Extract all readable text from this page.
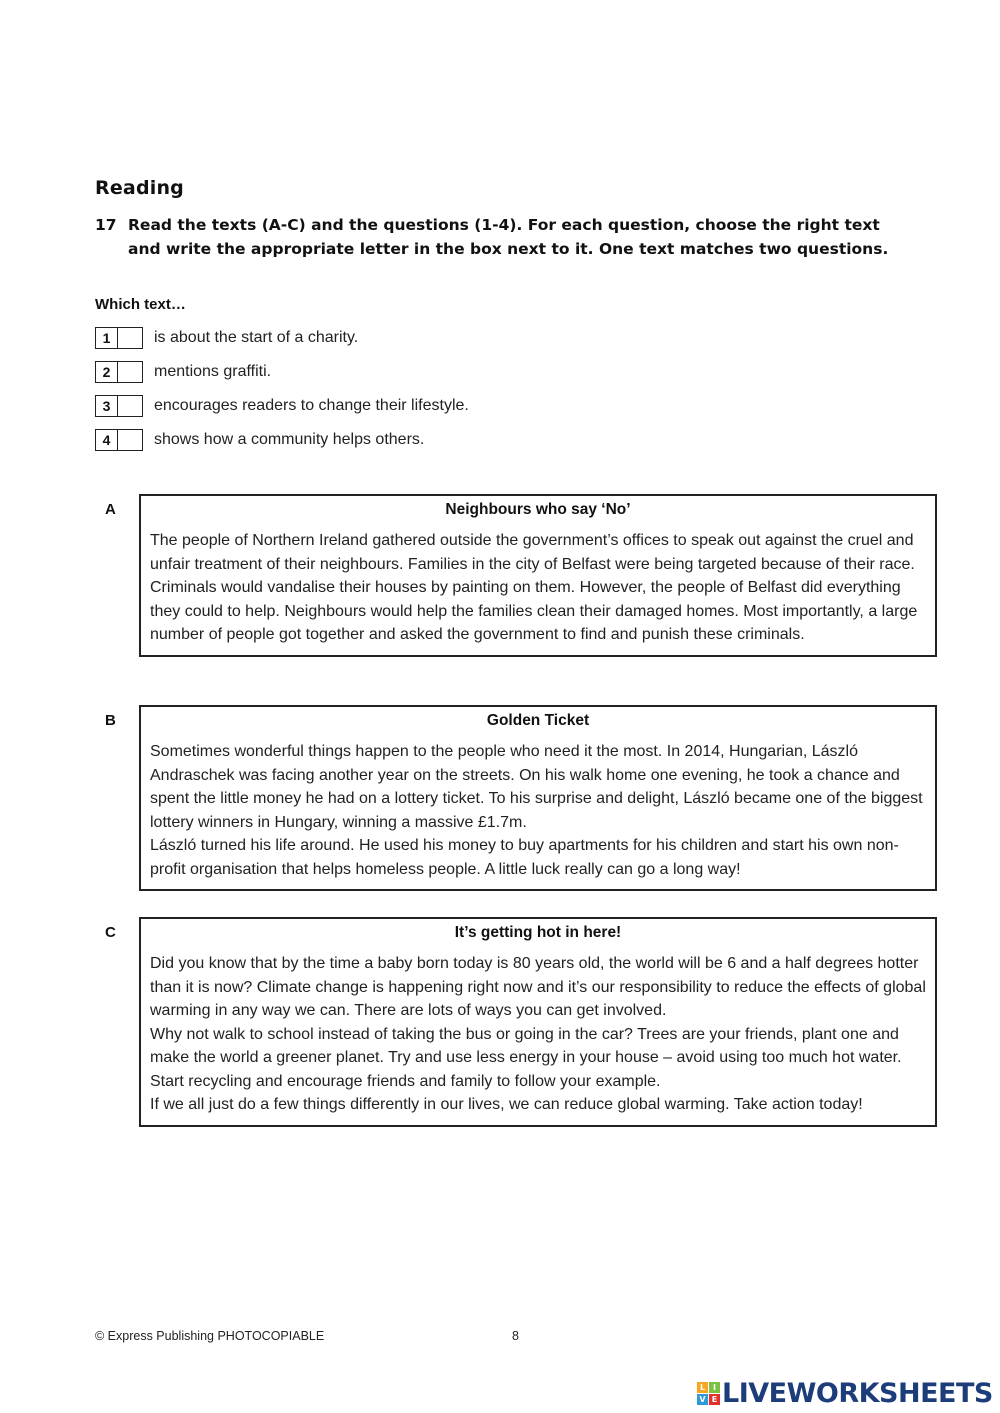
Reading
17 Read the texts (A-C) and the questions (1-4). For each question, choose the right text
and write the appropriate letter in the box next to it. One text matches two questions.
Which text…
1	is about the start of a charity.
2	mentions graffiti.
3	encourages readers to change their lifestyle.
4	shows how a community helps others.
A	Neighbours who say ‘No’

The people of Northern Ireland gathered outside the government’s offices to speak out against the cruel and unfair treatment of their neighbours. Families in the city of Belfast were being targeted because of their race. Criminals would vandalise their houses by painting on them. However, the people of Belfast did everything they could to help. Neighbours would help the families clean their damaged homes. Most importantly, a large number of people got together and asked the government to find and punish these criminals.

B	Golden Ticket

Sometimes wonderful things happen to the people who need it the most. In 2014, Hungarian, László Andraschek was facing another year on the streets. On his walk home one evening, he took a chance and spent the little money he had on a lottery ticket. To his surprise and delight, László became one of the biggest lottery winners in Hungary, winning a massive £1.7m.

László turned his life around. He used his money to buy apartments for his children and start his own non-profit organisation that helps homeless people. A little luck really can go a long way!

C	It’s getting hot in here!

Did you know that by the time a baby born today is 80 years old, the world will be 6 and a half degrees hotter than it is now? Climate change is happening right now and it’s our responsibility to reduce the effects of global warming in any way we can. There are lots of ways you can get involved.

Why not walk to school instead of taking the bus or going in the car? Trees are your friends, plant one and make the world a greener planet. Try and use less energy in your house – avoid using too much hot water. Start recycling and encourage friends and family to follow your example.

If we all just do a few things differently in our lives, we can reduce global warming. Take action today!

© Express Publishing PHOTOCOPIABLE	8
L I
V E LIVEWORKSHEETS
